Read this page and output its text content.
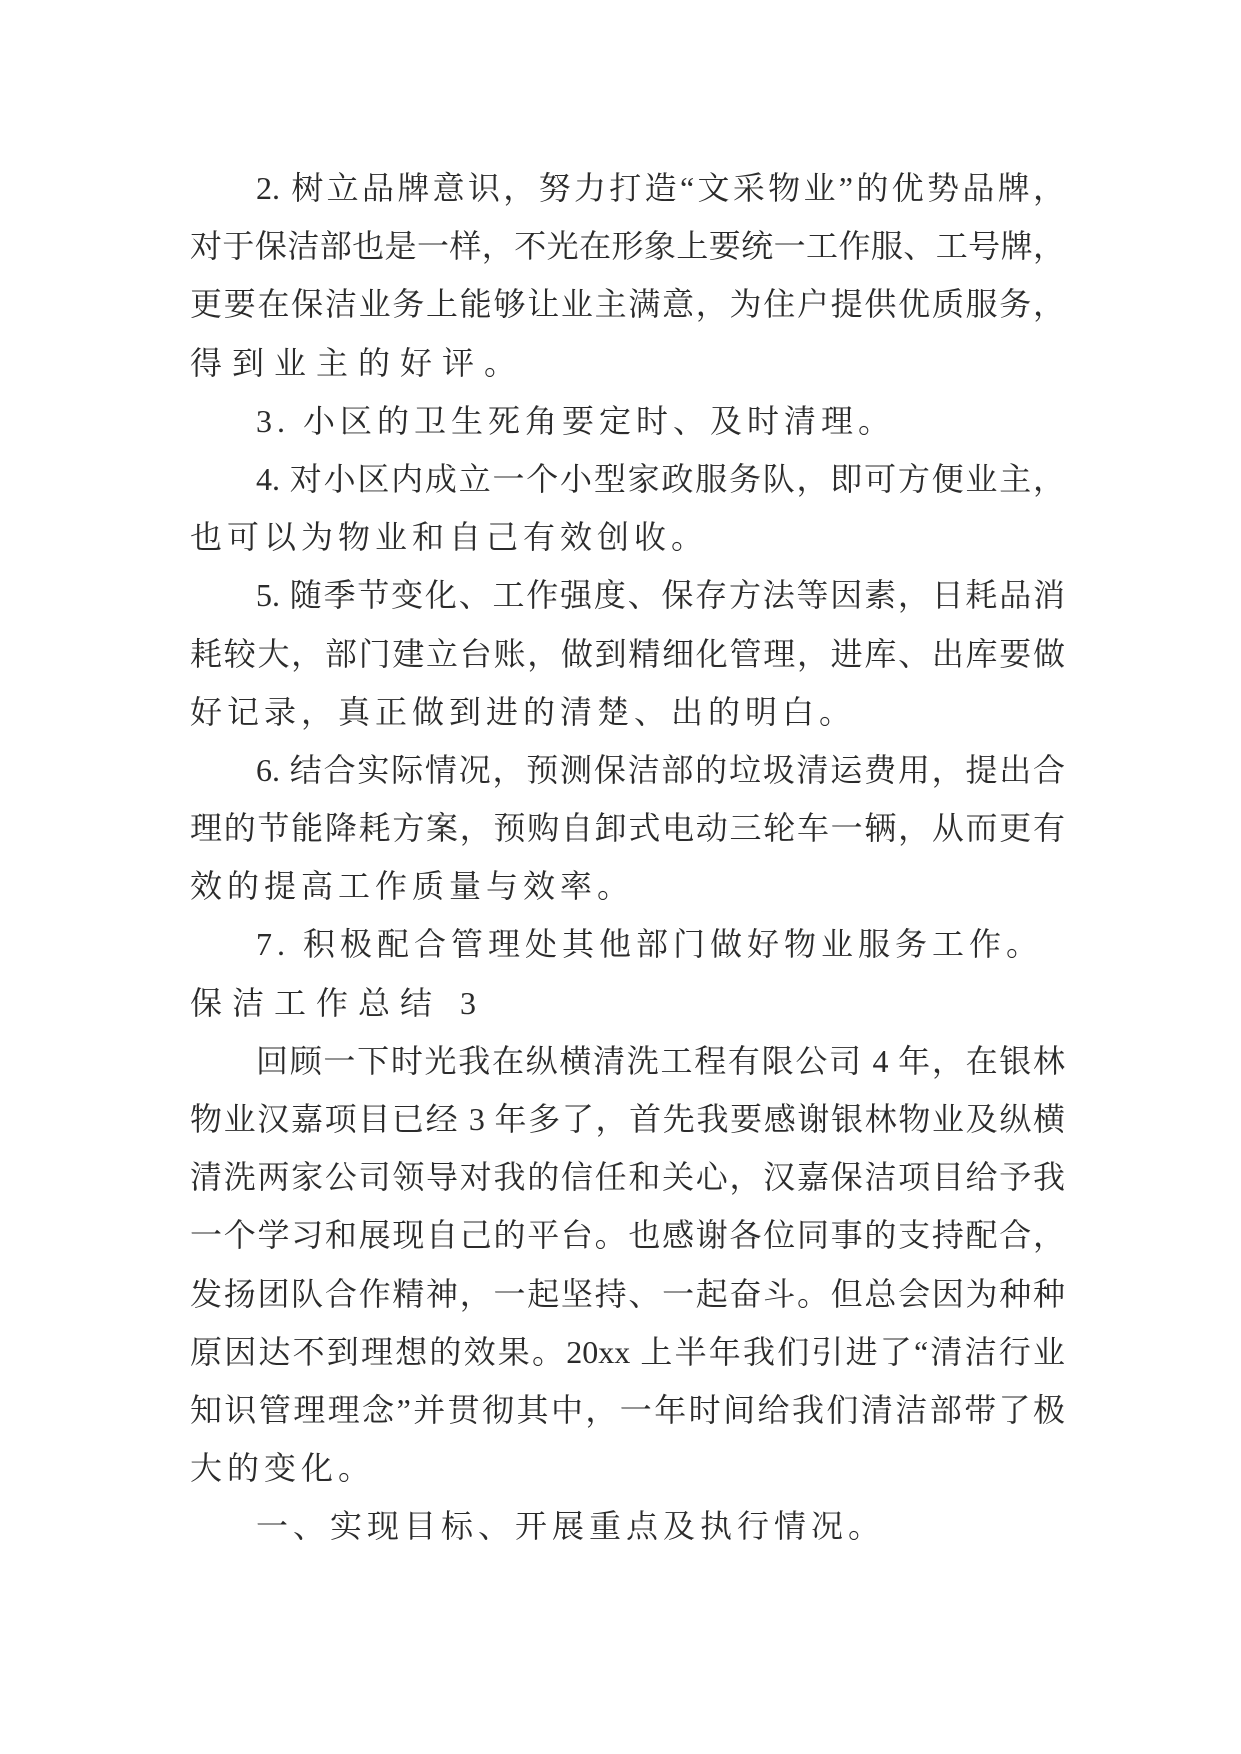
2. 树立品牌意识，努力打造“文采物业”的优势品牌，
对于保洁部也是一样，不光在形象上要统一工作服、工号牌，
更要在保洁业务上能够让业主满意，为住户提供优质服务，
得到业主的好评。
3. 小区的卫生死角要定时、及时清理。
4. 对小区内成立一个小型家政服务队，即可方便业主，
也可以为物业和自己有效创收。
5. 随季节变化、工作强度、保存方法等因素，日耗品消
耗较大，部门建立台账，做到精细化管理，进库、出库要做
好记录，真正做到进的清楚、出的明白。
6. 结合实际情况，预测保洁部的垃圾清运费用，提出合
理的节能降耗方案，预购自卸式电动三轮车一辆，从而更有
效的提高工作质量与效率。
7. 积极配合管理处其他部门做好物业服务工作。
保洁工作总结 3
回顾一下时光我在纵横清洗工程有限公司 4 年，在银林
物业汉嘉项目已经 3 年多了，首先我要感谢银林物业及纵横
清洗两家公司领导对我的信任和关心，汉嘉保洁项目给予我
一个学习和展现自己的平台。也感谢各位同事的支持配合，
发扬团队合作精神，一起坚持、一起奋斗。但总会因为种种
原因达不到理想的效果。20xx 上半年我们引进了“清洁行业
知识管理理念”并贯彻其中，一年时间给我们清洁部带了极
大的变化。
一、实现目标、开展重点及执行情况。
